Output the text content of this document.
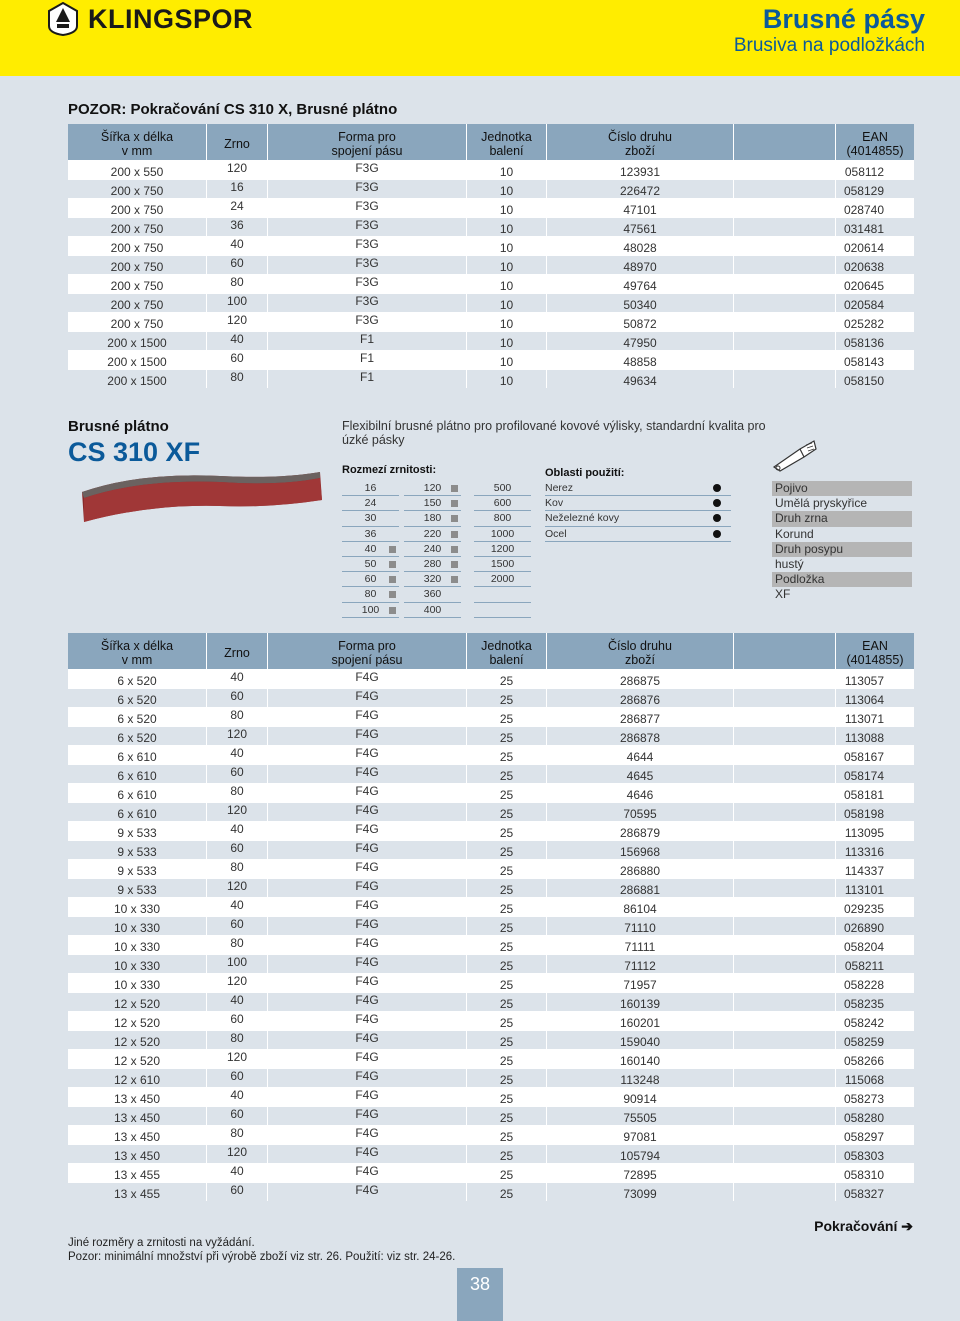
KLINGSPOR	Brusné pásy
Brusiva na podložkách
POZOR: Pokračování CS 310 X, Brusné plátno
Šířka x délka
v mm	Zrno	Forma pro
spojení pásu	Jednotka
balení	Číslo druhu
zboží		EAN
(4014855)
200 x 550	120	F3G	10	123931		058112
200 x 750	16	F3G	10	226472		058129
200 x 750	24	F3G	10	47101		028740
200 x 750	36	F3G	10	47561		031481
200 x 750	40	F3G	10	48028		020614
200 x 750	60	F3G	10	48970		020638
200 x 750	80	F3G	10	49764		020645
200 x 750	100	F3G	10	50340		020584
200 x 750	120	F3G	10	50872		025282
200 x 1500	40	F1	10	47950		058136
200 x 1500	60	F1	10	48858		058143
200 x 1500	80	F1	10	49634		058150
Brusné plátno
CS 310 XF
Flexibilní brusné plátno pro profilované kovové výlisky, standardní kvalita pro úzké pásky
Rozmezí zrnitosti:
16
24
30
36
40
50
60
80
100
120
150
180
220
240
280
320
360
400
500
600
800
1000
1200
1500
2000
Oblasti použití:
Nerez
Kov
Neželezné kovy
Ocel
Pojivo
Umělá pryskyřice
Druh zrna
Korund
Druh posypu
hustý
Podložka
XF
Šířka x délka
v mm	Zrno	Forma pro
spojení pásu	Jednotka
balení	Číslo druhu
zboží		EAN
(4014855)
6 x 520	40	F4G	25	286875		113057
6 x 520	60	F4G	25	286876		113064
6 x 520	80	F4G	25	286877		113071
6 x 520	120	F4G	25	286878		113088
6 x 610	40	F4G	25	4644		058167
6 x 610	60	F4G	25	4645		058174
6 x 610	80	F4G	25	4646		058181
6 x 610	120	F4G	25	70595		058198
9 x 533	40	F4G	25	286879		113095
9 x 533	60	F4G	25	156968		113316
9 x 533	80	F4G	25	286880		114337
9 x 533	120	F4G	25	286881		113101
10 x 330	40	F4G	25	86104		029235
10 x 330	60	F4G	25	71110		026890
10 x 330	80	F4G	25	71111		058204
10 x 330	100	F4G	25	71112		058211
10 x 330	120	F4G	25	71957		058228
12 x 520	40	F4G	25	160139		058235
12 x 520	60	F4G	25	160201		058242
12 x 520	80	F4G	25	159040		058259
12 x 520	120	F4G	25	160140		058266
12 x 610	60	F4G	25	113248		115068
13 x 450	40	F4G	25	90914		058273
13 x 450	60	F4G	25	75505		058280
13 x 450	80	F4G	25	97081		058297
13 x 450	120	F4G	25	105794		058303
13 x 455	40	F4G	25	72895		058310
13 x 455	60	F4G	25	73099		058327
Jiné rozměry a zrnitosti na vyžádání.
Pozor: minimální množství při výrobě zboží viz str. 26. Použití: viz str. 24-26.
Pokračování ➔
38
